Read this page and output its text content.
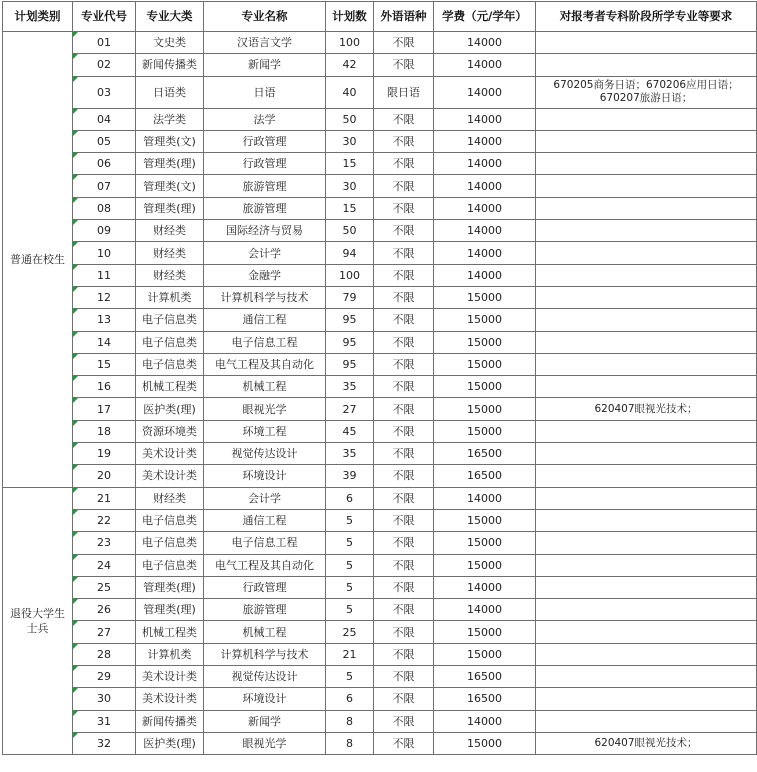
计划类别	专业代号	专业大类	专业名称	计划数	外语语种	学费（元/学年）	对报考者专科阶段所学专业等要求
普通在校生	01	文史类	汉语言文学	100	不限	14000	
	02	新闻传播类	新闻学	42	不限	14000	
	03	日语类	日语	40	限日语	14000	670205商务日语；670206应用日语；670207旅游日语；
	04	法学类	法学	50	不限	14000	
	05	管理类(文)	行政管理	30	不限	14000	
	06	管理类(理)	行政管理	15	不限	14000	
	07	管理类(文)	旅游管理	30	不限	14000	
	08	管理类(理)	旅游管理	15	不限	14000	
	09	财经类	国际经济与贸易	50	不限	14000	
	10	财经类	会计学	94	不限	14000	
	11	财经类	金融学	100	不限	14000	
	12	计算机类	计算机科学与技术	79	不限	15000	
	13	电子信息类	通信工程	95	不限	15000	
	14	电子信息类	电子信息工程	95	不限	15000	
	15	电子信息类	电气工程及其自动化	95	不限	15000	
	16	机械工程类	机械工程	35	不限	15000	
	17	医护类(理)	眼视光学	27	不限	15000	620407眼视光技术；
	18	资源环境类	环境工程	45	不限	15000	
	19	美术设计类	视觉传达设计	35	不限	16500	
	20	美术设计类	环境设计	39	不限	16500	
退役大学生士兵	21	财经类	会计学	6	不限	14000	
	22	电子信息类	通信工程	5	不限	15000	
	23	电子信息类	电子信息工程	5	不限	15000	
	24	电子信息类	电气工程及其自动化	5	不限	15000	
	25	管理类(理)	行政管理	5	不限	14000	
	26	管理类(理)	旅游管理	5	不限	14000	
	27	机械工程类	机械工程	25	不限	15000	
	28	计算机类	计算机科学与技术	21	不限	15000	
	29	美术设计类	视觉传达设计	5	不限	16500	
	30	美术设计类	环境设计	6	不限	16500	
	31	新闻传播类	新闻学	8	不限	14000	
	32	医护类(理)	眼视光学	8	不限	15000	620407眼视光技术；
